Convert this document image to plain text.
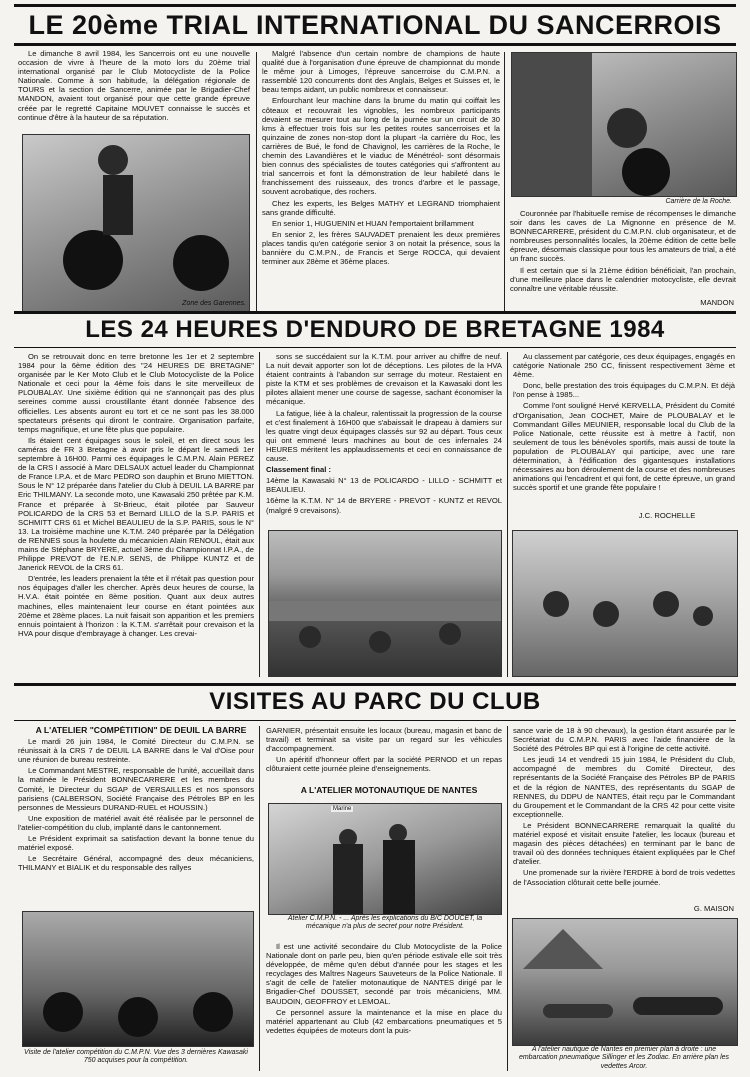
LE 20ème TRIAL INTERNATIONAL DU SANCERROIS

Le dimanche 8 avril 1984, les Sancerrois ont eu une nouvelle occasion de vivre à l'heure de la moto lors du 20ème trial international organisé par le Club Motocycliste de la Police Nationale. Comme à son habitude, la délégation régionale de TOURS et la section de Sancerre, animée par le Brigadier-Chef MANDON, avaient tout organisé pour que cette grande épreuve créée par le regretté Capitaine MOUVET connaisse le succès et continue d'être à la hauteur de sa réputation.

Zone des Garennes.

Malgré l'absence d'un certain nombre de champions de haute qualité due à l'organisation d'une épreuve de championnat du monde le même jour à Limoges, l'épreuve sancerroise du C.M.P.N. a rassemblé 120 concurrents dont des Anglais, Belges et Suisses et, le beau temps aidant, un public nombreux et connaisseur.

Enfourchant leur machine dans la brume du matin qui coiffait les côteaux et recouvrait les vignobles, les nombreux participants devaient se mesurer tout au long de la journée sur un circuit de 30 kms à effectuer trois fois sur les petites routes sancerroises et la quinzaine de zones non-stop dont la plupart -la carrière du Roc, les carrières de Bué, le fond de Chavignol, les carrières de la Roche, le chemin des Lavandières et le viaduc de Ménétréol- sont désormais bien connus des spécialistes de toutes catégories qui s'affrontent au trial sancerrois et font la démonstration de leur habileté dans le franchissement des ruisseaux, des troncs d'arbre et le passage, souvent acrobatique, des rochers.

Chez les experts, les Belges MATHY et LEGRAND triomphaient sans grande difficulté.

En senior 1, HUGUENIN et HUAN l'emportaient brillamment

En senior 2, les frères SAUVADET prenaient les deux premières places tandis qu'en catégorie senior 3 on notait la présence, sous la bannière du C.M.P.N., de Francis et Serge ROCCA, qui devaient terminer aux 28ème et 36ème places.

Carrière de la Roche.

Couronnée par l'habituelle remise de récompenses le dimanche soir dans les caves de La Mignonne en présence de M. BONNECARRERE, président du C.M.P.N. club organisateur, et de nombreuses personnalités locales, la 20ème édition de cette belle épreuve, désormais classique pour tous les amateurs de trial, a été un franc succès.

Il est certain que si la 21ème édition bénéficiait, l'an prochain, d'une meilleure place dans le calendrier motocycliste, elle devrait connaître une véritable réussite.

MANDON
LES 24 HEURES D'ENDURO DE BRETAGNE 1984

On se retrouvait donc en terre bretonne les 1er et 2 septembre 1984 pour la 6ème édition des "24 HEURES DE BRETAGNE" organisée par le Ker Moto Club et le Club Motocycliste de la Police Nationale et ceci pour la 4ème fois dans le site merveilleux de PLOUBALAY. Une sixième édition qui ne s'annonçait pas des plus sereines comme aussi croustillante étant donnée l'absence des officielles. Les absents auront eu tort et ce ne sont pas les 38.000 spectateurs présents qui diront le contraire. Organisation parfaite, temps magnifique, et une fête plus que populaire.

Ils étaient cent équipages sous le soleil, et en direct sous les caméras de FR 3 Bretagne à avoir pris le départ le samedi 1er septembre à 16H00. Parmi ces équipages le C.M.P.N. Alain PEREZ de la CRS I associé à Marc DELSAUX actuel leader du Championnat de France I.P.A. et de Marc PEDRO son dauphin et Bruno MIETTON. Sous le N° 12 préparée dans l'atelier du Club à DEUIL LA BARRE par Eric THILMANY. La seconde moto, une Kawasaki 250 prêtée par K.M. France et préparée à St-Brieuc, était pilotée par Sauveur POLICARDO de la CRS 53 et Bernard LILLO de la S.P. PARIS et SCHMITT CRS 61 et Michel BEAULIEU de la S.P. PARIS, sous le N° 13. La troisième machine une K.T.M. 240 préparée par la Délégation de RENNES sous la houlette du mécanicien Alain RENOUL, était aux mains de Stéphane BRYERE, actuel 3ème du Championnat I.P.A., de Philippe PREVOT de l'E.N.P. SENS, de Philippe KUNTZ et de Janerick REVOL de la CRS 61.

D'entrée, les leaders prenaient la tête et il n'était pas question pour nos équipages d'aller les chercher. Après deux heures de course, la H.V.A. était pointée en 8ème position. Quant aux deux autres machines, elles maintenaient leur course en étant pointées aux 20ème et 28ème places. La nuit faisait son apparition et les premiers ennuis pointaient à l'horizon : la K.T.M. s'arrêtait pour crevaison et la HVA pour disque d'embrayage à changer. Les crevai-

sons se succédaient sur la K.T.M. pour arriver au chiffre de neuf. La nuit devait apporter son lot de déceptions. Les pilotes de la HVA étaient contraints à l'abandon sur serrage du moteur. Restaient en piste la KTM et ses problèmes de crevaison et la Kawasaki dont les pilotes allaient mener une course de sagesse, sachant économiser la mécanique.

La fatigue, liée à la chaleur, ralentissait la progression de la course et c'est finalement à 16H00 que s'abaissait le drapeau à damiers sur les quatre vingt deux équipages classés sur 92 au départ. Tous ceux qui ont emmené leurs machines au bout de ces infernales 24 HEURES méritent les applaudissements et ceci en connaissance de cause.

Classement final :

14ème la Kawasaki N° 13 de POLICARDO - LILLO - SCHMITT et BEAULIEU.

16ème la K.T.M. N° 14 de BRYERE - PREVOT - KUNTZ et REVOL (malgré 9 crevaisons).

Au classement par catégorie, ces deux équipages, engagés en catégorie Nationale 250 CC, finissent respectivement 3ème et 4ème.

Donc, belle prestation des trois équipages du C.M.P.N. Et déjà l'on pense à 1985...

Comme l'ont souligné Hervé KERVELLA, Président du Comité d'Organisation, Jean COCHET, Maire de PLOUBALAY et le Commandant Gilles MEUNIER, responsable local du Club de la Police Nationale, cette réussite est à mettre à l'actif, non seulement de tous les bénévoles sportifs, mais aussi de toute la population de PLOUBALAY qui participe, avec une rare détermination, à l'édification des gigantesques installations nécessaires au bon déroulement de la course et des nombreuses animations qui l'encadrent et qui font, de cette épreuve, un grand succès sportif et une grande fête populaire !

J.C. ROCHELLE
VISITES AU PARC DU CLUB

A L'ATELIER "COMPÉTITION" DE DEUIL LA BARRE

Le mardi 26 juin 1984, le Comité Directeur du C.M.P.N. se réunissait à la CRS 7 de DEUIL LA BARRE dans le Val d'Oise pour une réunion de bureau restreinte.

Le Commandant MESTRE, responsable de l'unité, accueillait dans la matinée le Président BONNECARRERE et les membres du Comité, le Directeur du SGAP de VERSAILLES et nos sponsors parisiens (CALBERSON, Société Française des Pétroles BP en les personnes de Messieurs DURAND-RUEL et HOUSSIN.)

Une exposition de matériel avait été réalisée par le personnel de l'atelier-compétition du club, implanté dans le cantonnement.

Le Président exprimait sa satisfaction devant la bonne tenue du matériel exposé.

Le Secrétaire Général, accompagné des deux mécaniciens, THILMANY et BIALIK et du responsable des rallyes

Visite de l'atelier compétition du C.M.P.N. Vue des 3 dernières Kawasaki 750 acquises pour la compétition.

GARNIER, présentait ensuite les locaux (bureau, magasin et banc de travail) et terminait sa visite par un regard sur les véhicules d'accompagnement.

Un apéritif d'honneur offert par la société PERNOD et un repas clôturaient cette journée pleine d'enseignements.

A L'ATELIER MOTONAUTIQUE DE NANTES

Marine
Atelier C.M.P.N. - ... Après les explications du B/C DOUCET, la mécanique n'a plus de secret pour notre Président.

Il est une activité secondaire du Club Motocycliste de la Police Nationale dont on parle peu, bien qu'en période estivale elle soit très développée, de même qu'en début d'année pour les stages et les recyclages des Maîtres Nageurs Sauveteurs de la Police Nationale. Il s'agit de celle de l'atelier motonautique de NANTES dirigé par le Brigadier-Chef DOUSSET, secondé par trois mécaniciens, MM. BAUDOIN, GEOFFROY et LEMOAL.

Ce personnel assure la maintenance et la mise en place du matériel appartenant au Club (42 embarcations pneumatiques et 5 vedettes équipées de moteurs dont la puis-

sance varie de 18 à 90 chevaux), la gestion étant assurée par le Secrétariat du C.M.P.N. PARIS avec l'aide financière de la Société des Pétroles BP qui est à l'origine de cette activité.

Les jeudi 14 et vendredi 15 juin 1984, le Président du Club, accompagné de membres du Comité Directeur, des représentants de la Société Française des Pétroles BP de PARIS et de la région de NANTES, des représentants du SGAP de RENNES, du DDPU de NANTES, était reçu par le Commandant du Groupement et le Commandant de la CRS 42 pour cette visite exceptionnelle.

Le Président BONNECARRERE remarquait la qualité du matériel exposé et visitait ensuite l'atelier, les locaux (bureau et magasin des pièces détachées) en terminant par le banc de travail où des données techniques étaient expliquées par le Chef d'atelier.

Une promenade sur la rivière l'ERDRE à bord de trois vedettes de l'Association clôturait cette belle journée.

G. MAISON
A l'atelier nautique de Nantes en premier plan à droite : une embarcation pneumatique Sillinger et les Zodiac. En arrière plan les vedettes Arcor.
